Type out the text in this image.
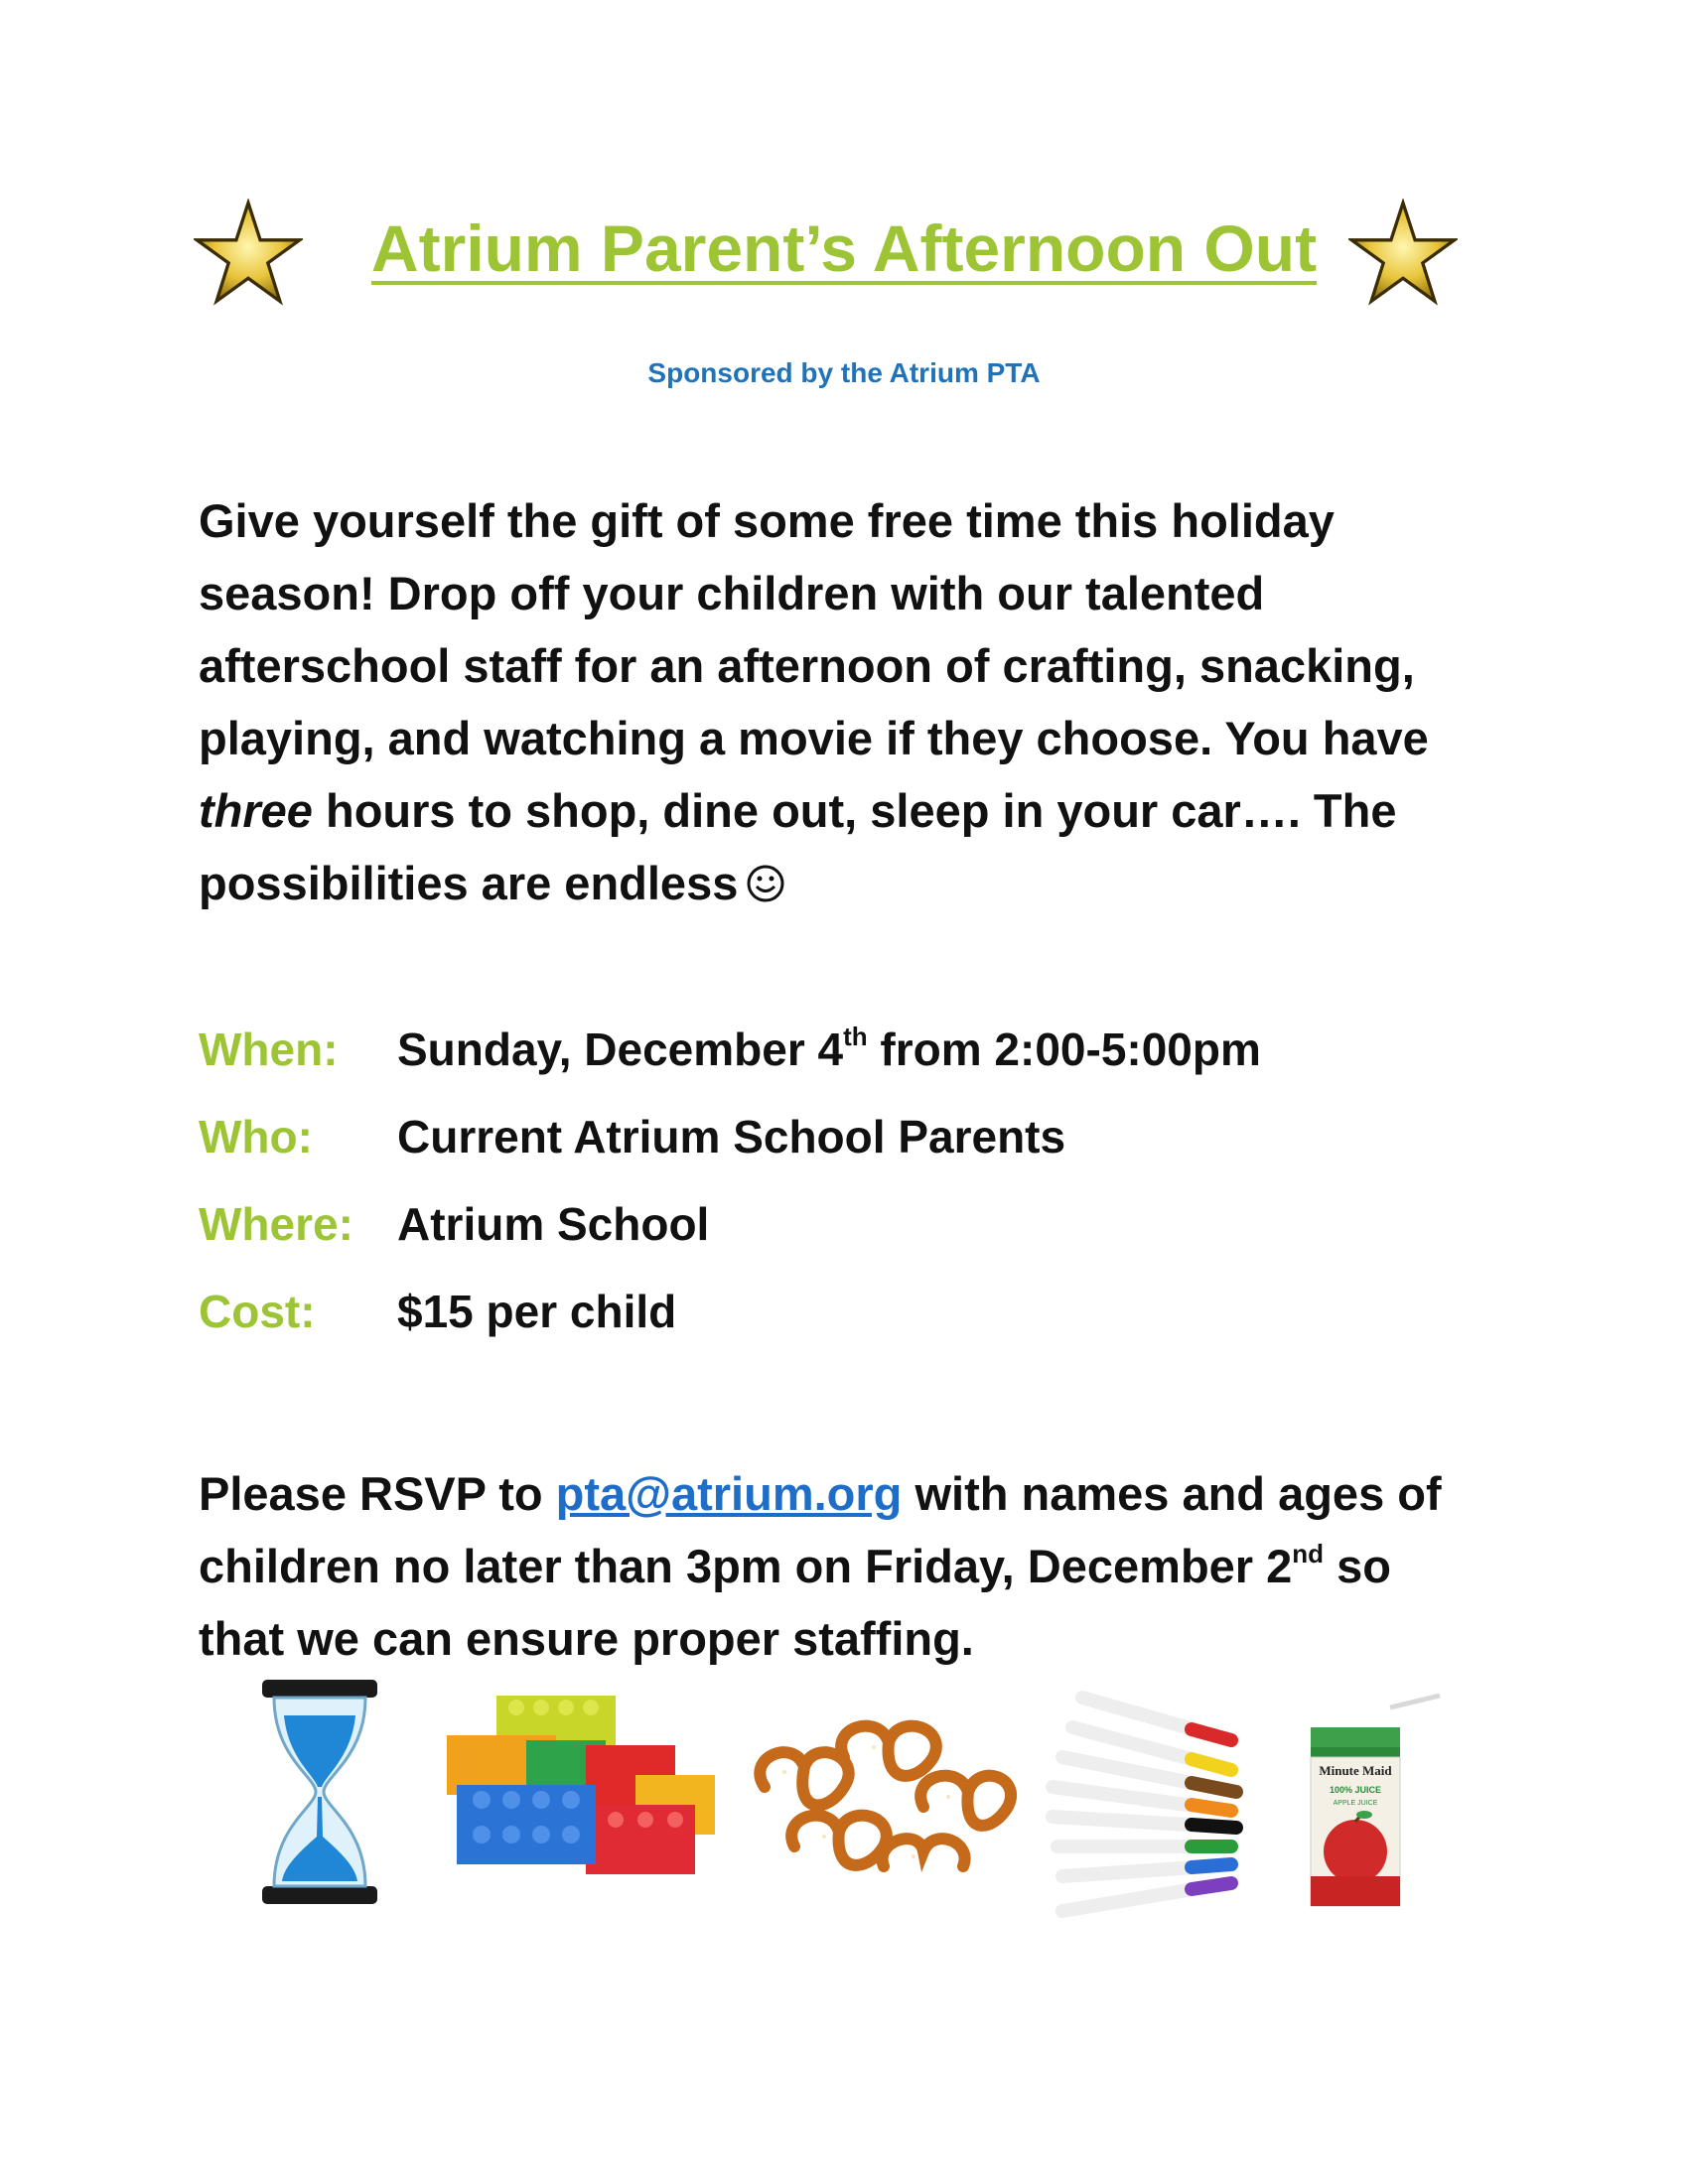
Atrium Parent’s Afternoon Out
Sponsored by the Atrium PTA
Give yourself the gift of some free time this holiday season! Drop off your children with our talented afterschool staff for an afternoon of crafting, snacking, playing, and watching a movie if they choose. You have three hours to shop, dine out, sleep in your car…. The possibilities are endless
When:	Sunday, December 4th from 2:00-5:00pm
Who:	Current Atrium School Parents
Where: Atrium School
Cost:	$15 per child
Please RSVP to pta@atrium.org with names and ages of children no later than 3pm on Friday, December 2nd so that we can ensure proper staffing.
Minute Maid
100% JUICE
APPLE JUICE
